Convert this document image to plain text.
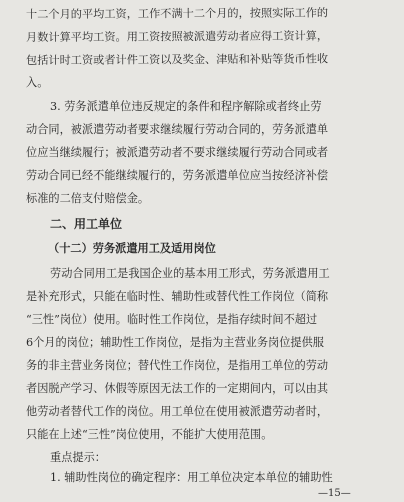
十二个月的平均工资，工作不满十二个月的，按照实际工作的
月数计算平均工资。用工资按照被派遣劳动者应得工资计算，
包括计时工资或者计件工资以及奖金、津贴和补贴等货币性收
入。
3. 劳务派遣单位违反规定的条件和程序解除或者终止劳
动合同，被派遣劳动者要求继续履行劳动合同的，劳务派遣单
位应当继续履行；被派遣劳动者不要求继续履行劳动合同或者
劳动合同已经不能继续履行的，劳务派遣单位应当按经济补偿
标准的二倍支付赔偿金。
二、用工单位
（十二）劳务派遣用工及适用岗位
劳动合同用工是我国企业的基本用工形式，劳务派遣用工
是补充形式，只能在临时性、辅助性或替代性工作岗位（简称
“三性”岗位）使用。临时性工作岗位，是指存续时间不超过
6个月的岗位；辅助性工作岗位，是指为主营业务岗位提供服
务的非主营业务岗位；替代性工作岗位，是指用工单位的劳动
者因脱产学习、休假等原因无法工作的一定期间内，可以由其
他劳动者替代工作的岗位。用工单位在使用被派遣劳动者时，
只能在上述“三性”岗位使用，不能扩大使用范围。
重点提示：
1. 辅助性岗位的确定程序：用工单位决定本单位的辅助性
—15—
